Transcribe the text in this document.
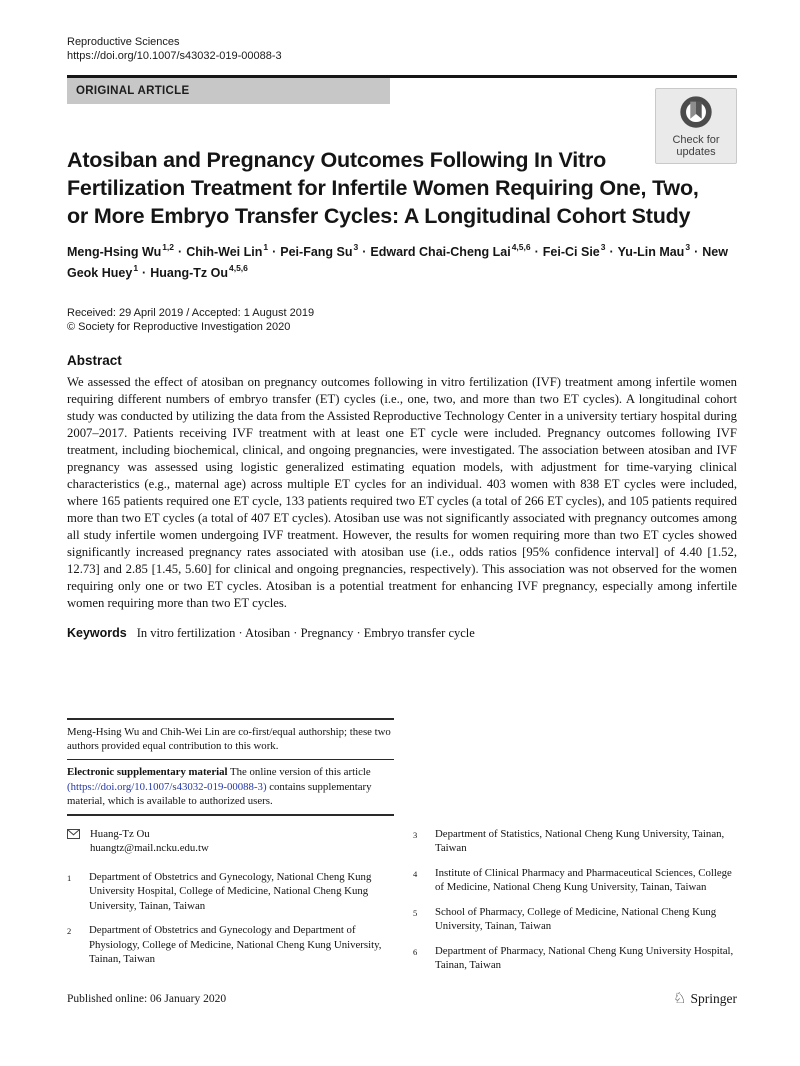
Reproductive Sciences
https://doi.org/10.1007/s43032-019-00088-3
ORIGINAL ARTICLE
Atosiban and Pregnancy Outcomes Following In Vitro
Fertilization Treatment for Infertile Women Requiring One, Two,
or More Embryo Transfer Cycles: A Longitudinal Cohort Study
Meng-Hsing Wu$^{1,2}$ · Chih-Wei Lin$^1$ · Pei-Fang $Su^3$ · Edward Chai-Cheng Lai$^{4,5,6}$ · Fei-Ci Sie$^3$ · Yu-Lin Mau$^3$ · New Geok Huey$^1$ · Huang-Tz Ou$^{4,5,6}$
Received: 29 April 2019 / Accepted: 1 August 2019
© Society for Reproductive Investigation 2020
Abstract

We assessed the effect of atosiban on pregnancy outcomes following in vitro fertilization (IVF) treatment among infertile women requiring different numbers of embryo transfer (ET) cycles (i.e., one, two, and more than two ET cycles). A longitudinal cohort study was conducted by utilizing the data from the Assisted Reproductive Technology Center in a university tertiary hospital during 2007–2017. Patients receiving IVF treatment with at least one ET cycle were included. Pregnancy outcomes following IVF treatment, including biochemical, clinical, and ongoing pregnancies, were investigated. The association between atosiban and IVF pregnancy was assessed using logistic generalized estimating equation models, with adjustment for time-varying clinical characteristics (e.g., maternal age) across multiple ET cycles for an individual. 403 women with 838 ET cycles were included, where 165 patients required one ET cycle, 133 patients required two ET cycles (a total of 266 ET cycles), and 105 patients required more than two ET cycles (a total of 407 ET cycles). Atosiban use was not significantly associated with pregnancy outcomes among all study infertile women undergoing IVF treatment. However, the results for women requiring more than two ET cycles showed significantly increased pregnancy rates associated with atosiban use (i.e., odds ratios [95% confidence interval] of 4.40 [1.52, 12.73] and 2.85 [1.45, 5.60] for clinical and ongoing pregnancies, respectively). This association was not observed for the women requiring only one or two ET cycles. Atosiban is a potential treatment for enhancing IVF pregnancy, especially among infertile women requiring more than two ET cycles.

Keywords In vitro fertilization · Atosiban · Pregnancy · Embryo transfer cycle
Check for
updates

Meng-Hsing Wu and Chih-Wei Lin are co-first/equal authorship; these two authors provided equal contribution to this work.

Electronic supplementary material The online version of this article (https://doi.org/10.1007/s43032-019-00088-3) contains supplementary material, which is available to authorized users.

Huang-Tz Ou
huangtz@mail.ncku.edu.tw
1	Department of Obstetrics and Gynecology, National Cheng Kung University Hospital, College of Medicine, National Cheng Kung University, Tainan, Taiwan
2	Department of Obstetrics and Gynecology and Department of Physiology, College of Medicine, National Cheng Kung University, Tainan, Taiwan
3	Department of Statistics, National Cheng Kung University, Tainan, Taiwan
4	Institute of Clinical Pharmacy and Pharmaceutical Sciences, College of Medicine, National Cheng Kung University, Tainan, Taiwan
5	School of Pharmacy, College of Medicine, National Cheng Kung University, Tainan, Taiwan
6	Department of Pharmacy, National Cheng Kung University Hospital, Tainan, Taiwan
Published online: 06 January 2020	♘ Springer
